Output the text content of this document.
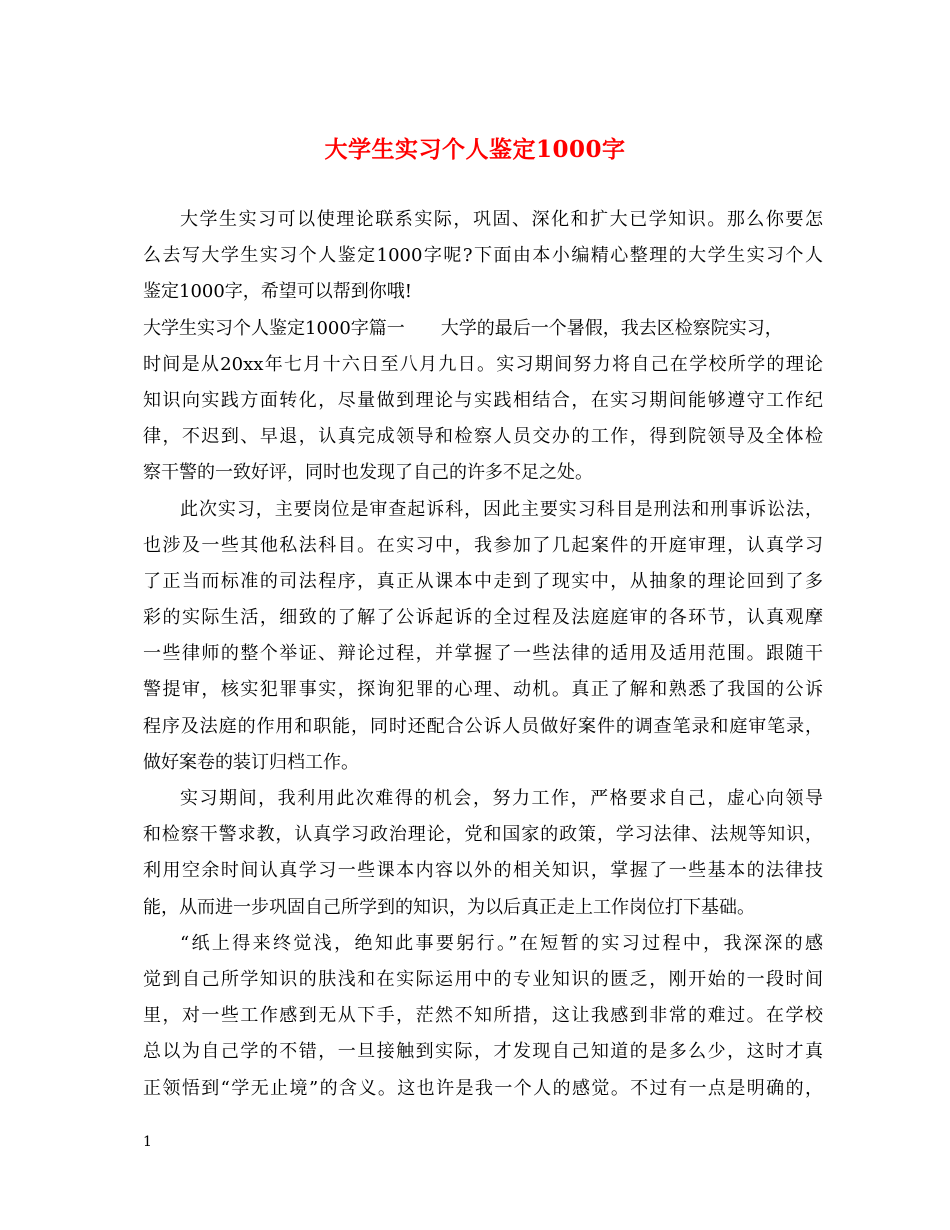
大学生实习个人鉴定1000字
大学生实习可以使理论联系实际，巩固、深化和扩大已学知识。那么你要怎
么去写大学生实习个人鉴定1000字呢?下面由本小编精心整理的大学生实习个人
鉴定1000字，希望可以帮到你哦!
大学生实习个人鉴定1000字篇一　　大学的最后一个暑假，我去区检察院实习，
时间是从20xx年七月十六日至八月九日。实习期间努力将自己在学校所学的理论
知识向实践方面转化，尽量做到理论与实践相结合，在实习期间能够遵守工作纪
律，不迟到、早退，认真完成领导和检察人员交办的工作，得到院领导及全体检
察干警的一致好评，同时也发现了自己的许多不足之处。
此次实习，主要岗位是审查起诉科，因此主要实习科目是刑法和刑事诉讼法，
也涉及一些其他私法科目。在实习中，我参加了几起案件的开庭审理，认真学习
了正当而标准的司法程序，真正从课本中走到了现实中，从抽象的理论回到了多
彩的实际生活，细致的了解了公诉起诉的全过程及法庭庭审的各环节，认真观摩
一些律师的整个举证、辩论过程，并掌握了一些法律的适用及适用范围。跟随干
警提审，核实犯罪事实，探询犯罪的心理、动机。真正了解和熟悉了我国的公诉
程序及法庭的作用和职能，同时还配合公诉人员做好案件的调查笔录和庭审笔录，
做好案卷的装订归档工作。
实习期间，我利用此次难得的机会，努力工作，严格要求自己，虚心向领导
和检察干警求教，认真学习政治理论，党和国家的政策，学习法律、法规等知识，
利用空余时间认真学习一些课本内容以外的相关知识，掌握了一些基本的法律技
能，从而进一步巩固自己所学到的知识，为以后真正走上工作岗位打下基础。
“纸上得来终觉浅，绝知此事要躬行。”在短暂的实习过程中，我深深的感
觉到自己所学知识的肤浅和在实际运用中的专业知识的匮乏，刚开始的一段时间
里，对一些工作感到无从下手，茫然不知所措，这让我感到非常的难过。在学校
总以为自己学的不错，一旦接触到实际，才发现自己知道的是多么少，这时才真
正领悟到“学无止境”的含义。这也许是我一个人的感觉。不过有一点是明确的，
1
